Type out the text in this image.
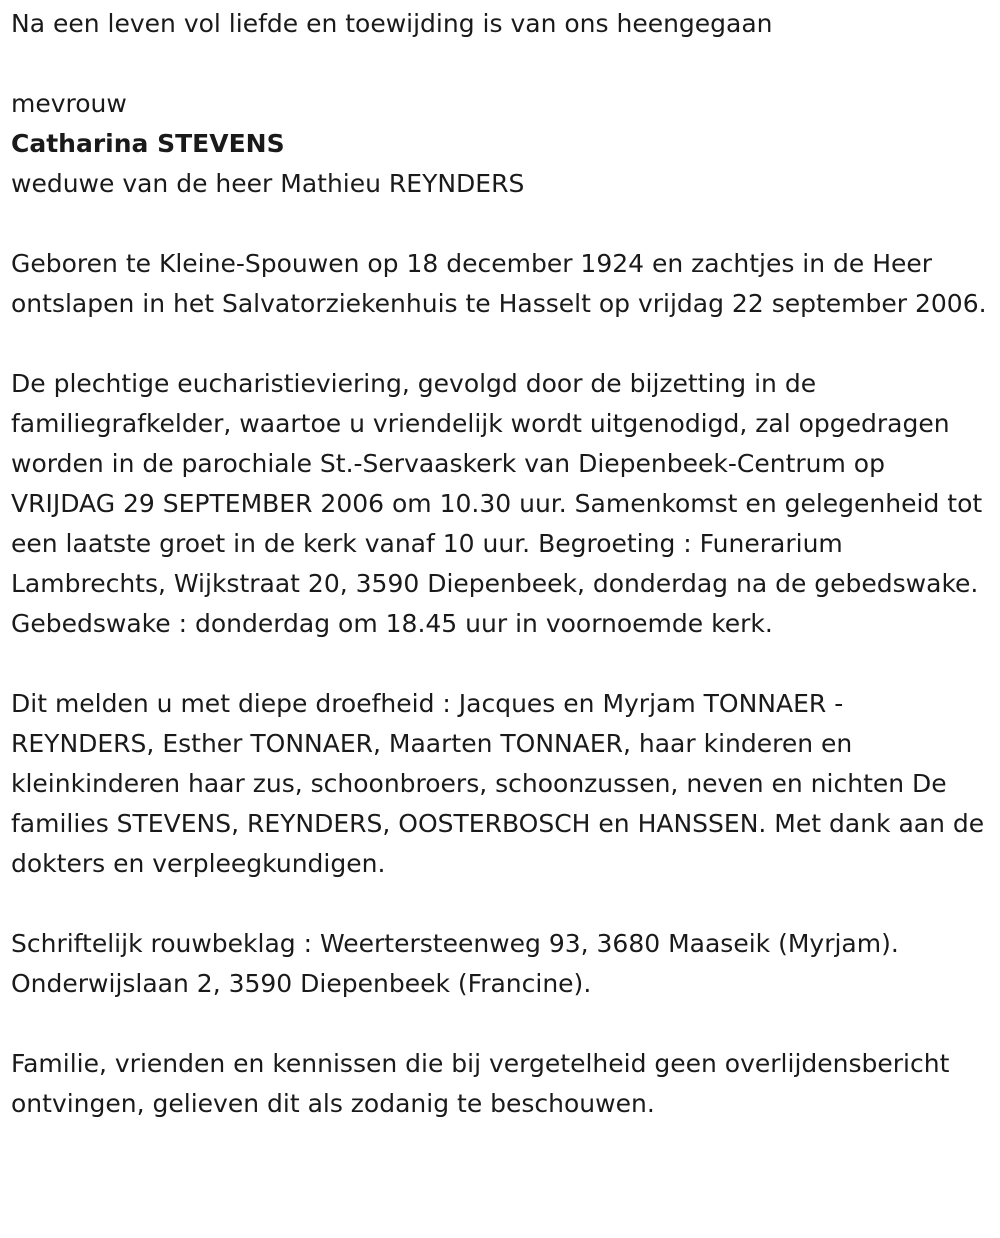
Na een leven vol liefde en toewijding is van ons heengegaan

mevrouw

Catharina STEVENS

weduwe van de heer Mathieu REYNDERS

Geboren te Kleine-Spouwen op 18 december 1924 en zachtjes in de Heer ontslapen in het Salvatorziekenhuis te Hasselt op vrijdag 22 september 2006.

De plechtige eucharistieviering, gevolgd door de bijzetting in de familiegrafkelder, waartoe u vriendelijk wordt uitgenodigd, zal opgedragen worden in de parochiale St.-Servaaskerk van Diepenbeek-Centrum op VRIJDAG 29 SEPTEMBER 2006 om 10.30 uur. Samenkomst en gelegenheid tot een laatste groet in de kerk vanaf 10 uur. Begroeting : Funerarium Lambrechts, Wijkstraat 20, 3590 Diepenbeek, donderdag na de gebedswake. Gebedswake : donderdag om 18.45 uur in voornoemde kerk.

Dit melden u met diepe droefheid : Jacques en Myrjam TONNAER - REYNDERS, Esther TONNAER, Maarten TONNAER, haar kinderen en kleinkinderen haar zus, schoonbroers, schoonzussen, neven en nichten De families STEVENS, REYNDERS, OOSTERBOSCH en HANSSEN. Met dank aan de dokters en verpleegkundigen.

Schriftelijk rouwbeklag : Weertersteenweg 93, 3680 Maaseik (Myrjam). Onderwijslaan 2, 3590 Diepenbeek (Francine).

Familie, vrienden en kennissen die bij vergetelheid geen overlijdensbericht ontvingen, gelieven dit als zodanig te beschouwen.
